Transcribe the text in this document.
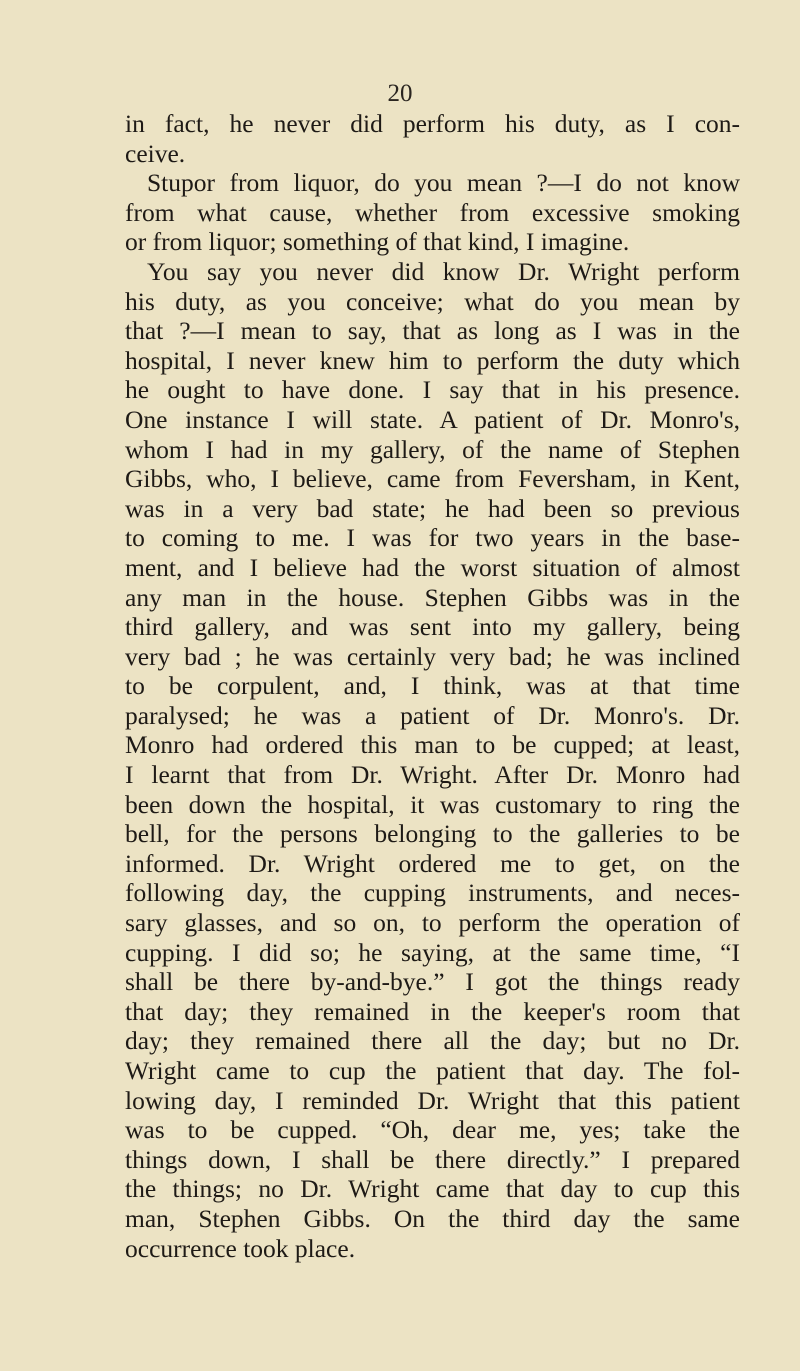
20
in fact, he never did perform his duty, as I con-
ceive.
Stupor from liquor, do you mean ?—I do not know
from what cause, whether from excessive smoking
or from liquor; something of that kind, I imagine.
You say you never did know Dr. Wright perform
his duty, as you conceive; what do you mean by
that ?—I mean to say, that as long as I was in the
hospital, I never knew him to perform the duty which
he ought to have done. I say that in his presence.
One instance I will state. A patient of Dr. Monro's,
whom I had in my gallery, of the name of Stephen
Gibbs, who, I believe, came from Feversham, in Kent,
was in a very bad state; he had been so previous
to coming to me. I was for two years in the base-
ment, and I believe had the worst situation of almost
any man in the house. Stephen Gibbs was in the
third gallery, and was sent into my gallery, being
very bad ; he was certainly very bad; he was inclined
to be corpulent, and, I think, was at that time
paralysed; he was a patient of Dr. Monro's. Dr.
Monro had ordered this man to be cupped; at least,
I learnt that from Dr. Wright. After Dr. Monro had
been down the hospital, it was customary to ring the
bell, for the persons belonging to the galleries to be
informed. Dr. Wright ordered me to get, on the
following day, the cupping instruments, and neces-
sary glasses, and so on, to perform the operation of
cupping. I did so; he saying, at the same time, “I
shall be there by-and-bye.” I got the things ready
that day; they remained in the keeper's room that
day; they remained there all the day; but no Dr.
Wright came to cup the patient that day. The fol-
lowing day, I reminded Dr. Wright that this patient
was to be cupped. “Oh, dear me, yes; take the
things down, I shall be there directly.” I prepared
the things; no Dr. Wright came that day to cup this
man, Stephen Gibbs. On the third day the same
occurrence took place.
